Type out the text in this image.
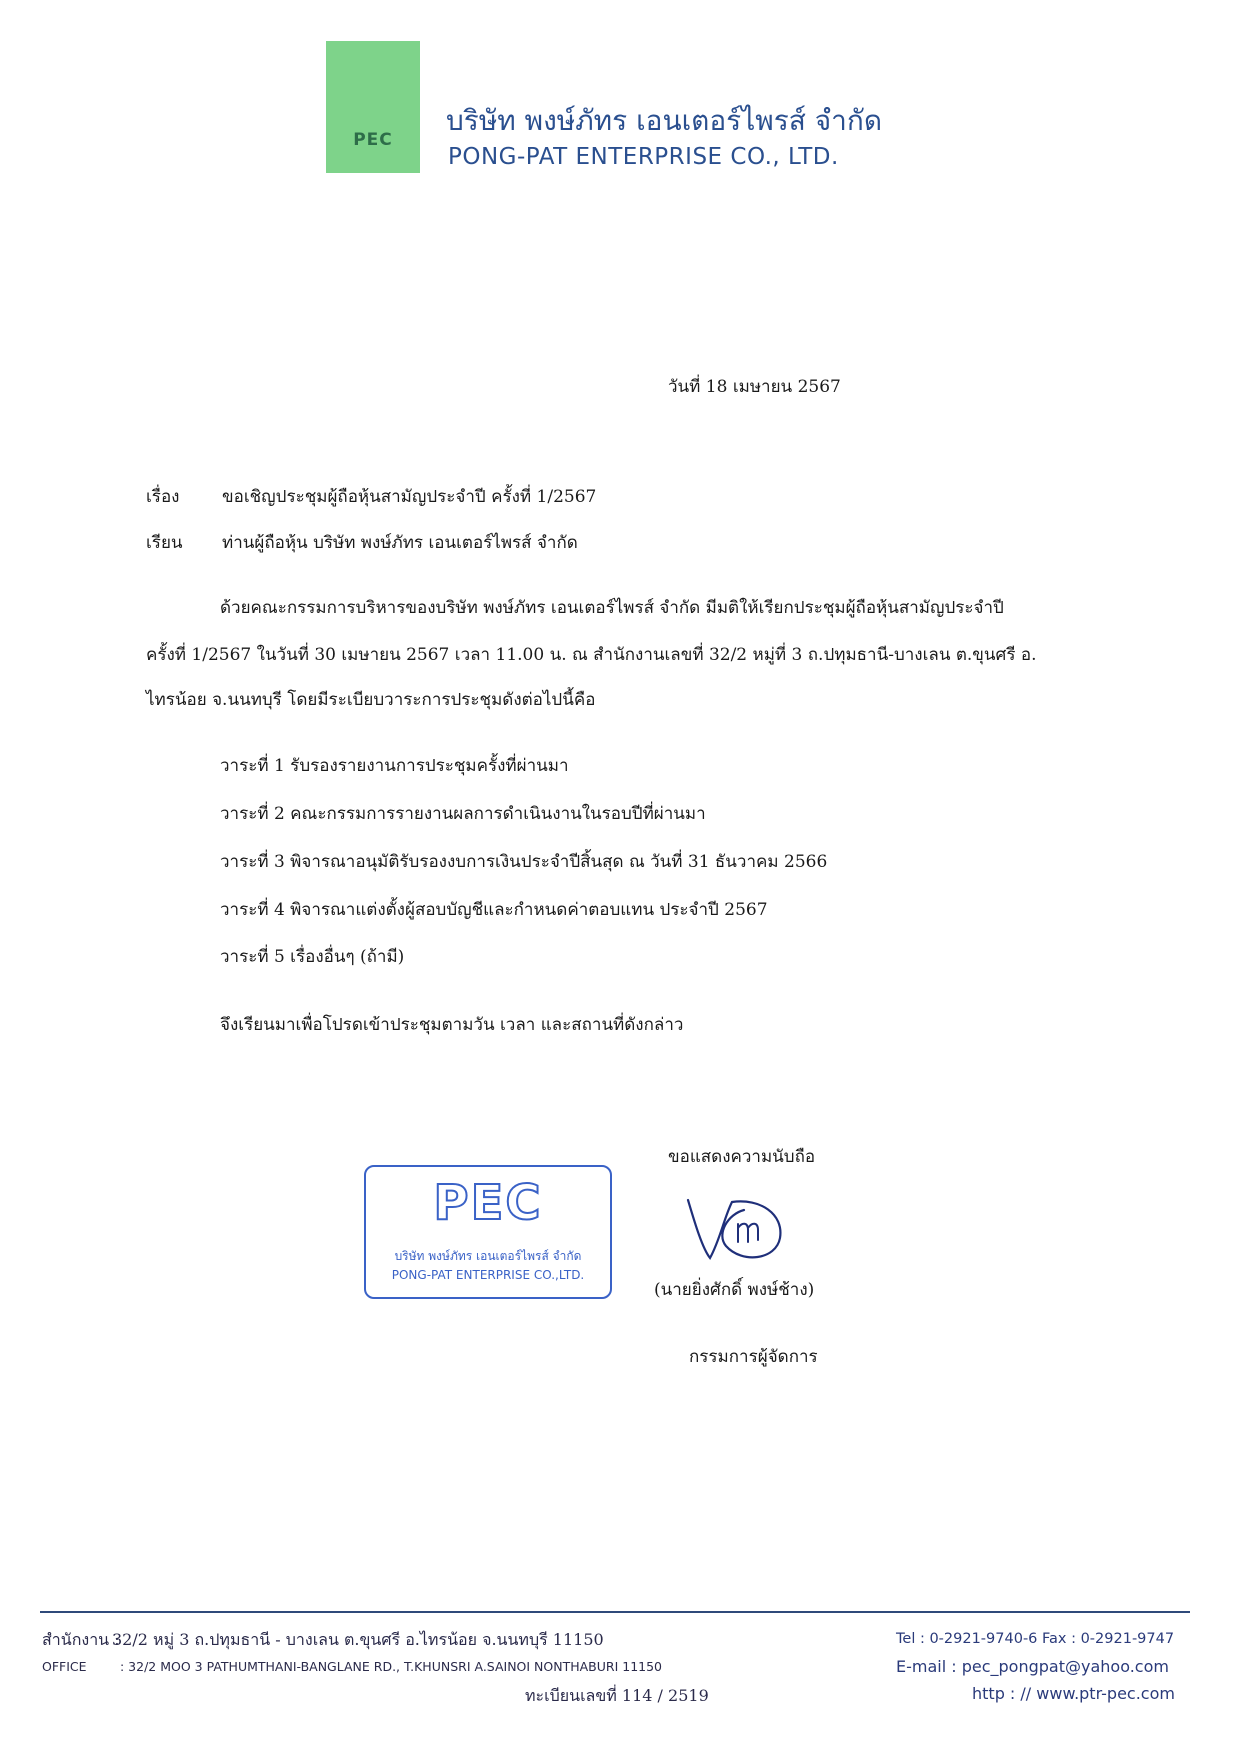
PEC
บริษัท พงษ์ภัทร เอนเตอร์ไพรส์ จำกัด
PONG-PAT ENTERPRISE CO., LTD.
วันที่ 18 เมษายน 2567
เรื่อง	ขอเชิญประชุมผู้ถือหุ้นสามัญประจำปี ครั้งที่ 1/2567
เรียน ท่านผู้ถือหุ้น บริษัท พงษ์ภัทร เอนเตอร์ไพรส์ จำกัด
ด้วยคณะกรรมการบริหารของบริษัท พงษ์ภัทร เอนเตอร์ไพรส์ จำกัด มีมติให้เรียกประชุมผู้ถือหุ้นสามัญประจำปี
ครั้งที่ 1/2567 ในวันที่ 30 เมษายน 2567 เวลา 11.00 น. ณ สำนักงานเลขที่ 32/2 หมู่ที่ 3 ถ.ปทุมธานี-บางเลน ต.ขุนศรี อ.
ไทรน้อย จ.นนทบุรี โดยมีระเบียบวาระการประชุมดังต่อไปนี้คือ
วาระที่ 1 รับรองรายงานการประชุมครั้งที่ผ่านมา
วาระที่ 2 คณะกรรมการรายงานผลการดำเนินงานในรอบปีที่ผ่านมา
วาระที่ 3 พิจารณาอนุมัติรับรองงบการเงินประจำปีสิ้นสุด ณ วันที่ 31 ธันวาคม 2566
วาระที่ 4 พิจารณาแต่งตั้งผู้สอบบัญชีและกำหนดค่าตอบแทน ประจำปี 2567
วาระที่ 5 เรื่องอื่นๆ (ถ้ามี)
จึงเรียนมาเพื่อโปรดเข้าประชุมตามวัน เวลา และสถานที่ดังกล่าว
ขอแสดงความนับถือ
(นายยิ่งศักดิ์ พงษ์ช้าง)
กรรมการผู้จัดการ
PEC
บริษัท พงษ์ภัทร เอนเตอร์ไพรส์ จำกัด
PONG-PAT ENTERPRISE CO.,LTD.
สำนักงาน :
32/2 หมู่ 3 ถ.ปทุมธานี - บางเลน ต.ขุนศรี อ.ไทรน้อย จ.นนทบุรี 11150
OFFICE	: 32/2 MOO 3 PATHUMTHANI-BANGLANE RD., T.KHUNSRI A.SAINOI NONTHABURI 11150
ทะเบียนเลขที่ 114 / 2519
Tel : 0-2921-9740-6 Fax : 0-2921-9747
E-mail : pec_pongpat@yahoo.com
http : // www.ptr-pec.com
